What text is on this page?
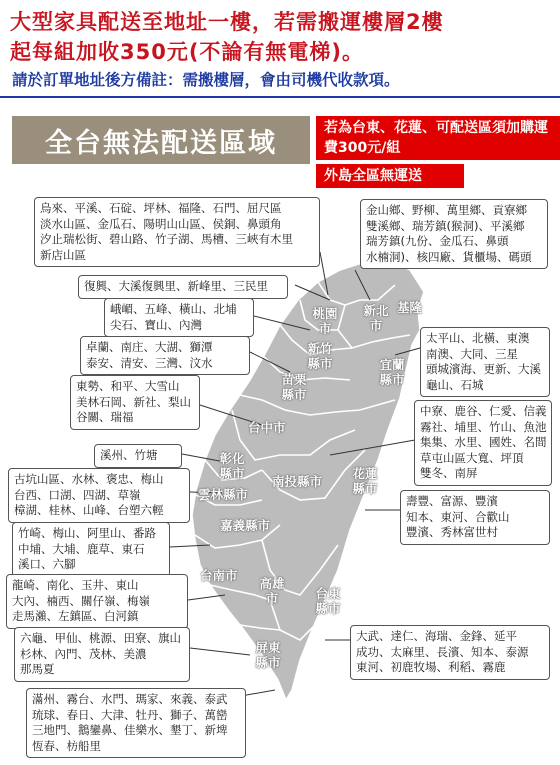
大型家具配送至地址一樓，若需搬運樓層2樓
起每組加收350元(不論有無電梯)。
請於訂單地址後方備註：需搬樓層，會由司機代收款項。
全台無法配送區域	若為台東、花蓮、可配送區須加購運費300元/組
外島全區無運送
基隆
桃園市
新北市
新竹縣市	宜蘭縣市
苗栗縣市
台中市
彰化縣市
南投縣市
花蓮縣市
雲林縣市
嘉義縣市
台南市
高雄市	台東縣市
屏東縣市
烏來、平溪、石碇、坪林、福隆、石門、屈尺區
淡水山區、金瓜石、陽明山山區、侯銅、鼻頭角
汐止瑞松街、碧山路、竹子湖、馬槽、三峽有木里
新店山區
金山鄉、野柳、萬里鄉、貢寮鄉
雙溪鄉、瑞芳鎮(猴洞)、平溪鄉
瑞芳鎮(九份、金瓜石、鼻頭
水楠洞)、核四廠、貨櫃場、碼頭
復興、大溪復興里、新峰里、三民里
峨嵋、五峰、橫山、北埔
尖石、寶山、內灣
卓蘭、南庄、大湖、獅潭
泰安、清安、三灣、汶水
太平山、北橫、東澳
南澳、大同、三星
頭城濱海、更新、大溪
龜山、石城
東勢、和平、大雪山
美林石岡、新社、梨山
谷關、瑞福	中寮、鹿谷、仁愛、信義
霧社、埔里、竹山、魚池
集集、水里、國姓、名間
草屯山區大寬、坪頂
雙冬、南屏
溪州、竹塘
古坑山區、水林、褒忠、梅山
台西、口湖、四湖、草嶺
樟湖、桂林、山峰、台塑六輕
壽豐、富源、豐濱
知本、東河、合歡山
豐濱、秀林富世村
竹崎、梅山、阿里山、番路
中埔、大埔、鹿草、東石
溪口、六腳
龍崎、南化、玉井、東山
大內、楠西、關仔嶺、梅嶺
走馬瀨、左鎮區、白河鎮
六龜、甲仙、桃源、田寮、旗山
杉林、內門、茂林、美濃
那馬夏
大武、達仁、海瑞、金鋒、延平
成功、太麻里、長濱、知本、泰源
東河、初鹿牧場、利稻、霧鹿
滿州、霧台、水門、瑪家、來義、泰武
琉球、春日、大津、牡丹、獅子、萬巒
三地門、鵝鑾鼻、佳樂水、墾丁、新埤
恆春、枋船里
